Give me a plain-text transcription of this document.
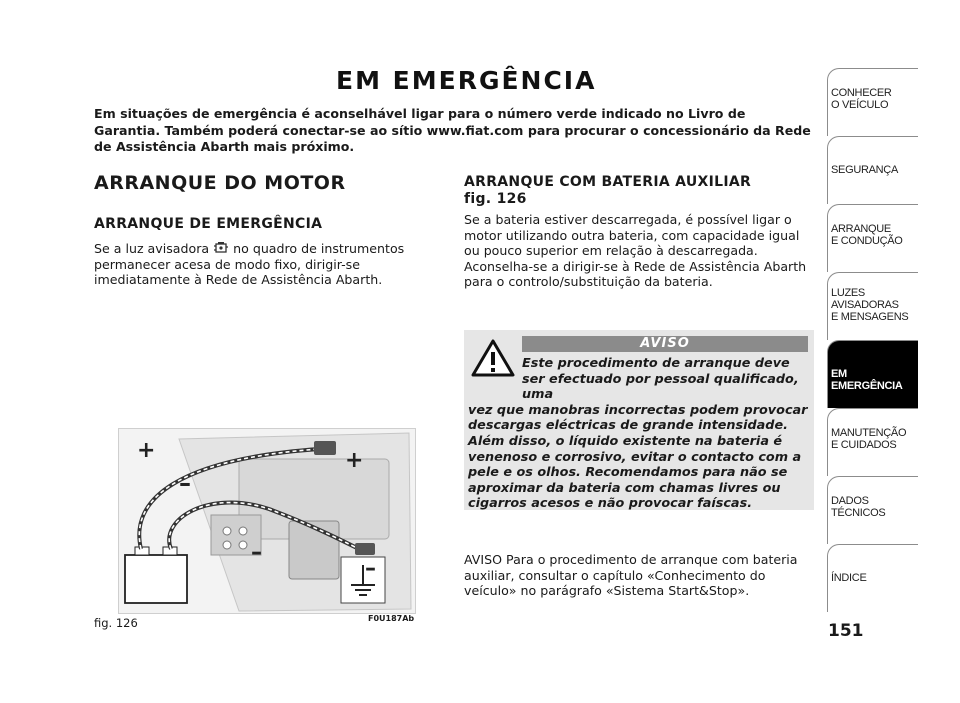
EM EMERGÊNCIA
Em situações de emergência é aconselhável ligar para o número verde indicado no Livro de Garantia. Também poderá conectar-se ao sítio www.fiat.com para procurar o concessionário da Rede de Assistência Abarth mais próximo.
ARRANQUE DO MOTOR
ARRANQUE DE EMERGÊNCIA
Se a luz avisadora no quadro de instrumentos permanecer acesa de modo fixo, dirigir-se imediatamente à Rede de Assistência Abarth.
+	+
–
–
–
fig. 126	F0U187Ab
ARRANQUE COM BATERIA AUXILIAR
fig. 126
Se a bateria estiver descarregada, é possível ligar o motor utilizando outra bateria, com capacidade igual ou pouco superior em relação à descarregada. Aconselha-se a dirigir-se à Rede de Assistência Abarth para o controlo/substituição da bateria.
AVISO
Este procedimento de arranque deve ser efectuado por pessoal qualificado, uma
vez que manobras incorrectas podem provocar descargas eléctricas de grande intensidade. Além disso, o líquido existente na bateria é venenoso e corrosivo, evitar o contacto com a pele e os olhos. Recomendamos para não se aproximar da bateria com chamas livres ou cigarros acesos e não provocar faíscas.
AVISO Para o procedimento de arranque com bateria auxiliar, consultar o capítulo «Conhecimento do veículo» no parágrafo «Sistema Start&Stop».
151
CONHECER
O VEÍCULO
SEGURANÇA
ARRANQUE
E CONDUÇÃO
LUZES
AVISADORAS
E MENSAGENS
EM EMERGÊNCIA
MANUTENÇÃO
E CUIDADOS
DADOS
TÉCNICOS
ÍNDICE
